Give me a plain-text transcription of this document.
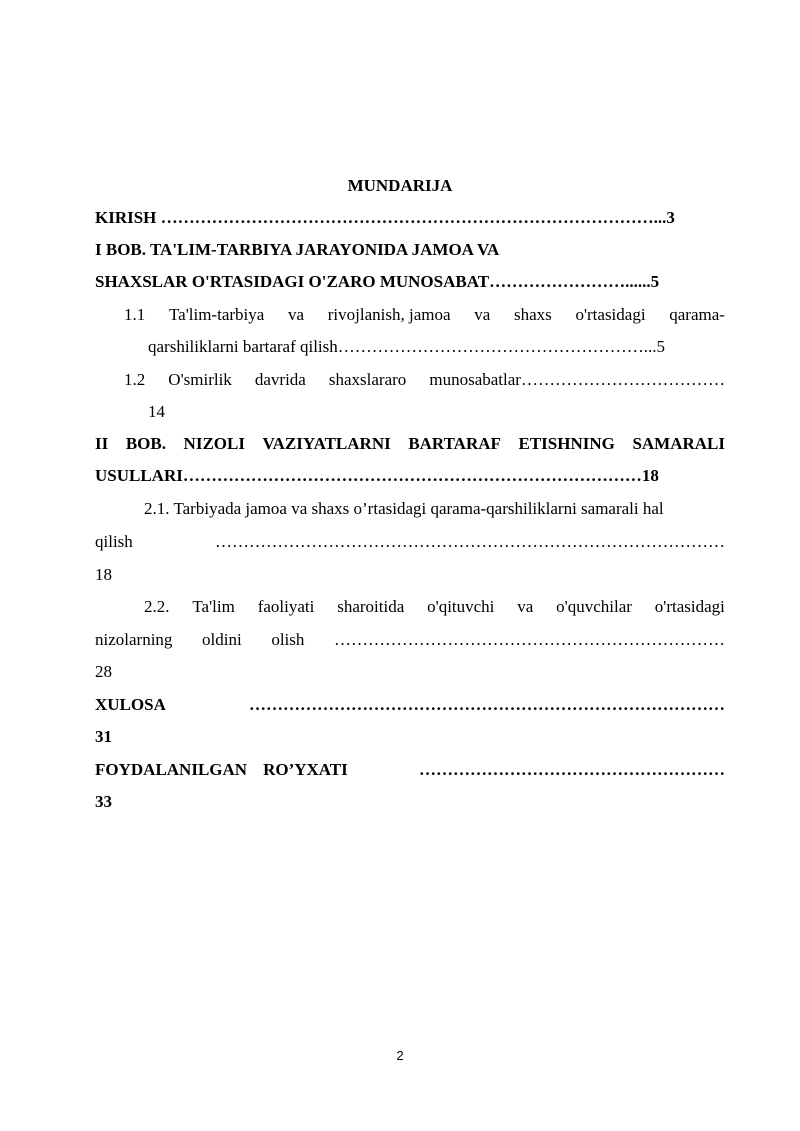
MUNDARIJA
KIRISH ……………………………………………………………………………...3
I BOB. TA'LIM-TARBIYA JARAYONIDA JAMOA VA
SHAXSLAR O'RTASIDAGI O'ZARO MUNOSABAT……………………......5
1.1 Ta'lim-tarbiya va rivojlanish, jamoa va shaxs o'rtasidagi qarama-
qarshiliklarni bartaraf qilish………………………………………………...5
1.2 O'smirlik davrida shaxslararo munosabatlar………………………………
14
II BOB. NIZOLI VAZIYATLARNI BARTARAF ETISHNING SAMARALI
USULLARI………………………………………………………………………18
2.1. Tarbiyada jamoa va shaxs o’rtasidagi qarama-qarshiliklarni samarali hal
qilish	………………………………………………………………………………
18
2.2. Ta'lim faoliyati sharoitida o'qituvchi va o'quvchilar o'rtasidagi
nizolarning oldini olish ……………………………………………………………
28
XULOSA	…………………………………………………………………………
31
FOYDALANILGAN RO’YXATI	………………………………………………
33
2
